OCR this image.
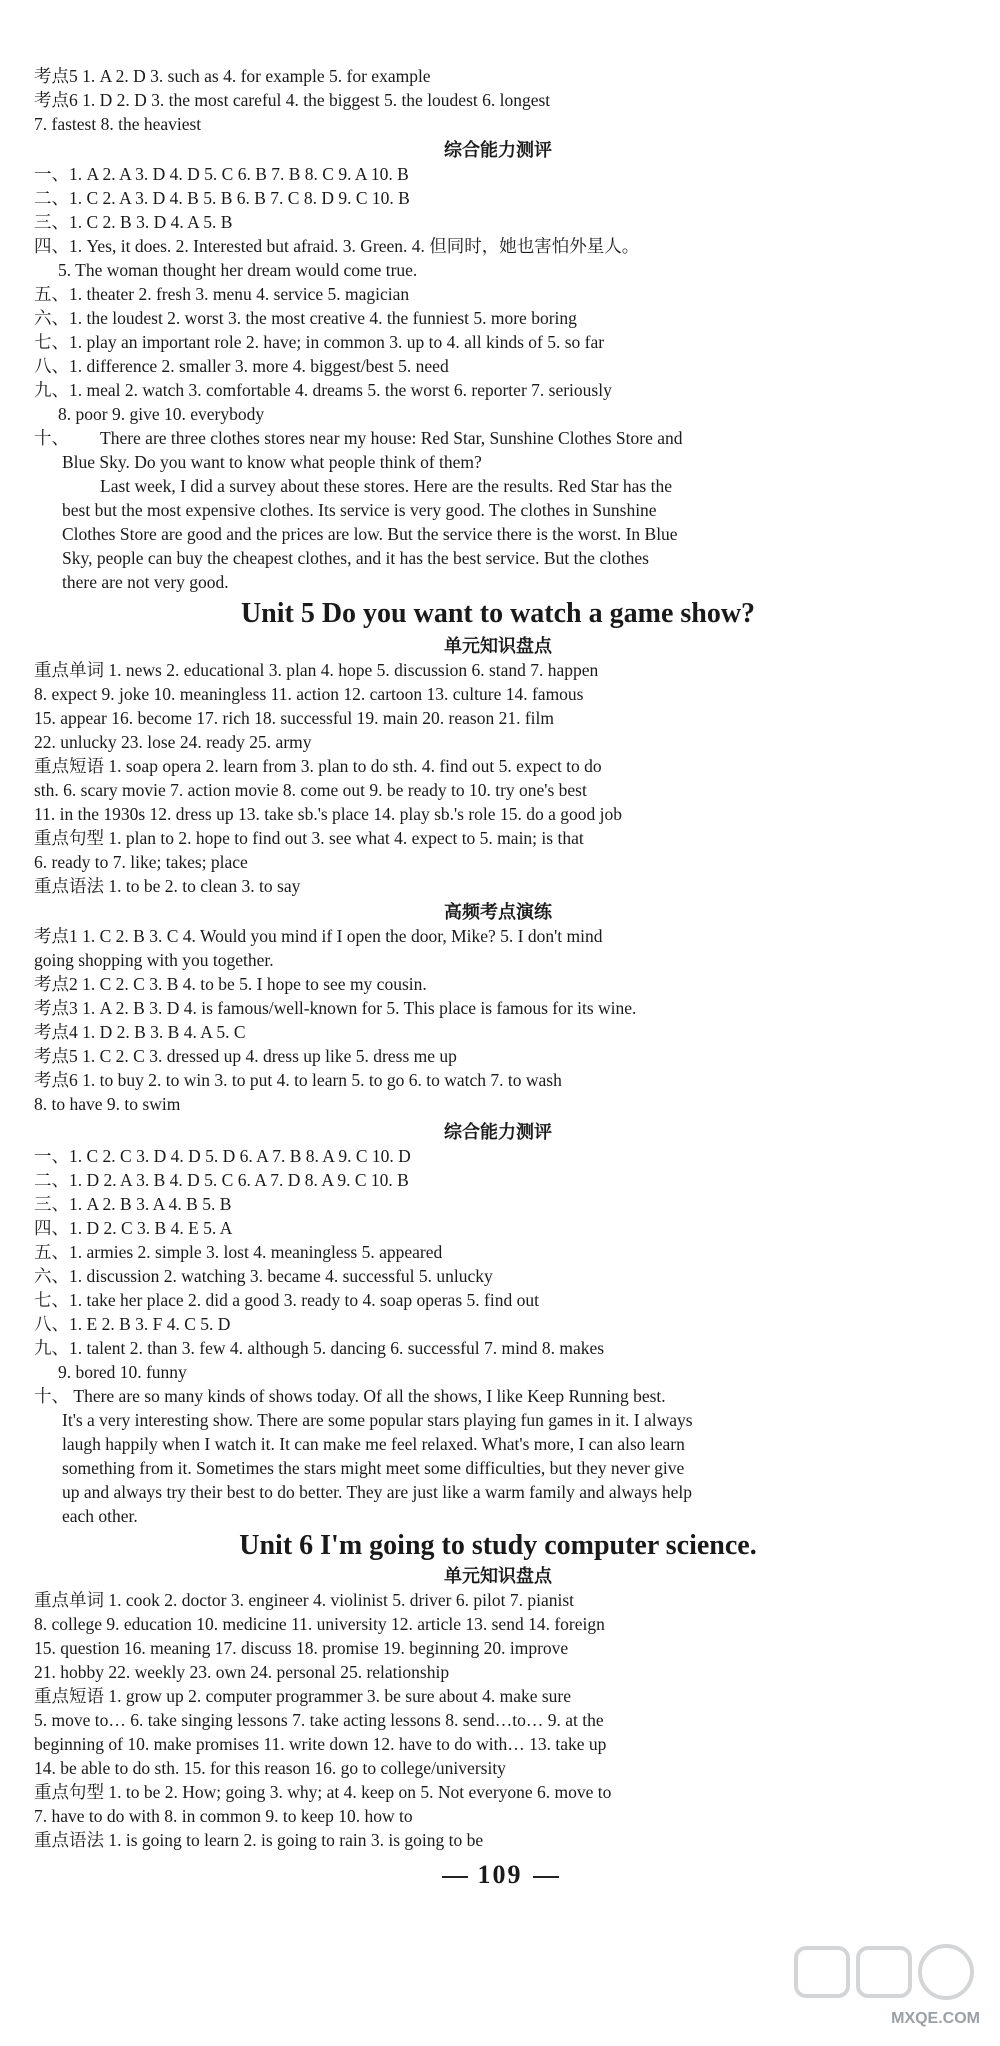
考点5 1. A 2. D 3. such as 4. for example 5. for example
考点6 1. D 2. D 3. the most careful 4. the biggest 5. the loudest 6. longest
7. fastest 8. the heaviest
综合能力测评
一、1. A 2. A 3. D 4. D 5. C 6. B 7. B 8. C 9. A 10. B
二、1. C 2. A 3. D 4. B 5. B 6. B 7. C 8. D 9. C 10. B
三、1. C 2. B 3. D 4. A 5. B
四、1. Yes, it does. 2. Interested but afraid. 3. Green. 4. 但同时，她也害怕外星人。
5. The woman thought her dream would come true.
五、1. theater 2. fresh 3. menu 4. service 5. magician
六、1. the loudest 2. worst 3. the most creative 4. the funniest 5. more boring
七、1. play an important role 2. have; in common 3. up to 4. all kinds of 5. so far
八、1. difference 2. smaller 3. more 4. biggest/best 5. need
九、1. meal 2. watch 3. comfortable 4. dreams 5. the worst 6. reporter 7. seriously
8. poor 9. give 10. everybody
十、	There are three clothes stores near my house: Red Star, Sunshine Clothes Store and
Blue Sky. Do you want to know what people think of them?
Last week, I did a survey about these stores. Here are the results. Red Star has the
best but the most expensive clothes. Its service is very good. The clothes in Sunshine
Clothes Store are good and the prices are low. But the service there is the worst. In Blue
Sky, people can buy the cheapest clothes, and it has the best service. But the clothes
there are not very good.
Unit 5 Do you want to watch a game show?
单元知识盘点
重点单词 1. news 2. educational 3. plan 4. hope 5. discussion 6. stand 7. happen
8. expect 9. joke 10. meaningless 11. action 12. cartoon 13. culture 14. famous
15. appear 16. become 17. rich 18. successful 19. main 20. reason 21. film
22. unlucky 23. lose 24. ready 25. army
重点短语 1. soap opera 2. learn from 3. plan to do sth. 4. find out 5. expect to do
sth. 6. scary movie 7. action movie 8. come out 9. be ready to 10. try one's best
11. in the 1930s 12. dress up 13. take sb.'s place 14. play sb.'s role 15. do a good job
重点句型 1. plan to 2. hope to find out 3. see what 4. expect to 5. main; is that
6. ready to 7. like; takes; place
重点语法 1. to be 2. to clean 3. to say
高频考点演练
考点1 1. C 2. B 3. C 4. Would you mind if I open the door, Mike? 5. I don't mind
going shopping with you together.
考点2 1. C 2. C 3. B 4. to be 5. I hope to see my cousin.
考点3 1. A 2. B 3. D 4. is famous/well-known for 5. This place is famous for its wine.
考点4 1. D 2. B 3. B 4. A 5. C
考点5 1. C 2. C 3. dressed up 4. dress up like 5. dress me up
考点6 1. to buy 2. to win 3. to put 4. to learn 5. to go 6. to watch 7. to wash
8. to have 9. to swim
综合能力测评
一、1. C 2. C 3. D 4. D 5. D 6. A 7. B 8. A 9. C 10. D
二、1. D 2. A 3. B 4. D 5. C 6. A 7. D 8. A 9. C 10. B
三、1. A 2. B 3. A 4. B 5. B
四、1. D 2. C 3. B 4. E 5. A
五、1. armies 2. simple 3. lost 4. meaningless 5. appeared
六、1. discussion 2. watching 3. became 4. successful 5. unlucky
七、1. take her place 2. did a good 3. ready to 4. soap operas 5. find out
八、1. E 2. B 3. F 4. C 5. D
九、1. talent 2. than 3. few 4. although 5. dancing 6. successful 7. mind 8. makes
9. bored 10. funny
十、 There are so many kinds of shows today. Of all the shows, I like Keep Running best.
It's a very interesting show. There are some popular stars playing fun games in it. I always
laugh happily when I watch it. It can make me feel relaxed. What's more, I can also learn
something from it. Sometimes the stars might meet some difficulties, but they never give
up and always try their best to do better. They are just like a warm family and always help
each other.
Unit 6 I'm going to study computer science.
单元知识盘点
重点单词 1. cook 2. doctor 3. engineer 4. violinist 5. driver 6. pilot 7. pianist
8. college 9. education 10. medicine 11. university 12. article 13. send 14. foreign
15. question 16. meaning 17. discuss 18. promise 19. beginning 20. improve
21. hobby 22. weekly 23. own 24. personal 25. relationship
重点短语 1. grow up 2. computer programmer 3. be sure about 4. make sure
5. move to… 6. take singing lessons 7. take acting lessons 8. send…to… 9. at the
beginning of 10. make promises 11. write down 12. have to do with… 13. take up
14. be able to do sth. 15. for this reason 16. go to college/university
重点句型 1. to be 2. How; going 3. why; at 4. keep on 5. Not everyone 6. move to
7. have to do with 8. in common 9. to keep 10. how to
重点语法 1. is going to learn 2. is going to rain 3. is going to be
109
MXQE.COM
